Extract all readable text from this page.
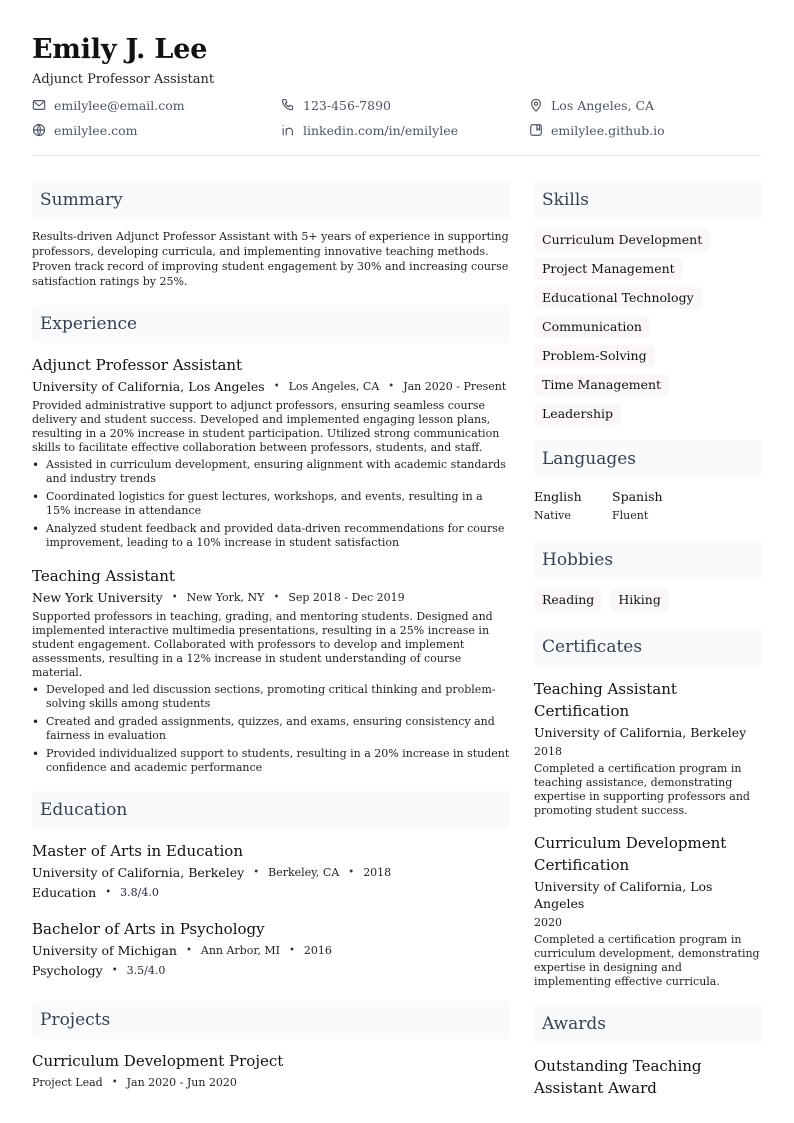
Emily J. Lee
Adjunct Professor Assistant
emilylee@email.com	123-456-7890	Los Angeles, CA
emilylee.com	linkedin.com/in/emilylee	emilylee.github.io
Summary

Results-driven Adjunct Professor Assistant with 5+ years of experience in supporting professors, developing curricula, and implementing innovative teaching methods. Proven track record of improving student engagement by 30% and increasing course satisfaction ratings by 25%.

Experience
Adjunct Professor Assistant
University of California, Los Angeles • Los Angeles, CA • Jan 2020 - Present

Provided administrative support to adjunct professors, ensuring seamless course delivery and student success. Developed and implemented engaging lesson plans, resulting in a 20% increase in student participation. Utilized strong communication skills to facilitate effective collaboration between professors, students, and staff.

• Assisted in curriculum development, ensuring alignment with academic standards and industry trends
• Coordinated logistics for guest lectures, workshops, and events, resulting in a 15% increase in attendance
• Analyzed student feedback and provided data-driven recommendations for course improvement, leading to a 10% increase in student satisfaction
Teaching Assistant
New York University • New York, NY • Sep 2018 - Dec 2019

Supported professors in teaching, grading, and mentoring students. Designed and implemented interactive multimedia presentations, resulting in a 25% increase in student engagement. Collaborated with professors to develop and implement assessments, resulting in a 12% increase in student understanding of course material.

• Developed and led discussion sections, promoting critical thinking and problem-solving skills among students
• Created and graded assignments, quizzes, and exams, ensuring consistency and fairness in evaluation
• Provided individualized support to students, resulting in a 20% increase in student confidence and academic performance
Education
Master of Arts in Education
University of California, Berkeley • Berkeley, CA • 2018
Education • 3.8/4.0
Bachelor of Arts in Psychology
University of Michigan • Ann Arbor, MI • 2016
Psychology • 3.5/4.0
Projects
Curriculum Development Project
Project Lead • Jan 2020 - Jun 2020
Skills
Curriculum Development
Project Management
Educational Technology
Communication
Problem-Solving
Time Management
Leadership
Languages
English
Native
Spanish
Fluent
Hobbies
Reading	Hiking
Certificates
Teaching Assistant Certification
University of California, Berkeley
2018

Completed a certification program in teaching assistance, demonstrating expertise in supporting professors and promoting student success.

Curriculum Development Certification
University of California, Los Angeles
2020

Completed a certification program in curriculum development, demonstrating expertise in designing and implementing effective curricula.

Awards
Outstanding Teaching Assistant Award
